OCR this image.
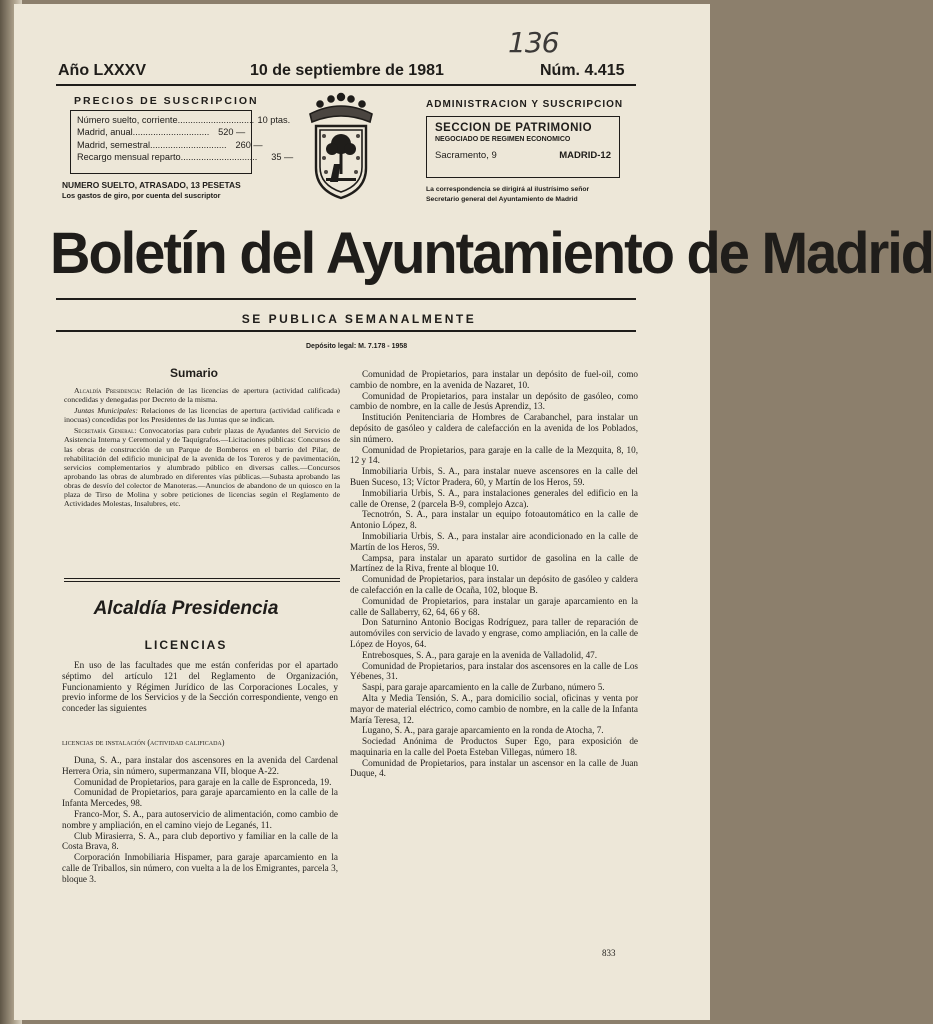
136
Año LXXXV	10 de septiembre de 1981	Núm. 4.415
PRECIOS DE SUSCRIPCION
Número suelto, corriente .............................. 10 ptas.
Madrid, anual .............................. 520 —
Madrid, semestral .............................. 260 —
Recargo mensual reparto ..............................	35 —
NUMERO SUELTO, ATRASADO, 13 PESETAS
Los gastos de giro, por cuenta del suscriptor
ADMINISTRACION Y SUSCRIPCION
SECCION DE PATRIMONIO
NEGOCIADO DE REGIMEN ECONOMICO
Sacramento, 9	MADRID-12
La correspondencia se dirigirá al ilustrísimo señor
Secretario general del Ayuntamiento de Madrid
Boletín del Ayuntamiento de Madrid
SE PUBLICA SEMANALMENTE
Depósito legal: M. 7.178 - 1958
Sumario

Alcaldía Presidencia: Relación de las licencias de apertura (actividad calificada) concedidas y denegadas por Decreto de la misma.

Juntas Municipales: Relaciones de las licencias de apertura (actividad calificada e inocuas) concedidas por los Presidentes de las Juntas que se indican.

Secretaría General: Convocatorias para cubrir plazas de Ayudantes del Servicio de Asistencia Interna y Ceremonial y de Taquígrafos.—Licitaciones públicas: Concursos de las obras de construcción de un Parque de Bomberos en el barrio del Pilar, de rehabilitación del edificio municipal de la avenida de los Toreros y de pavimentación, servicios complementarios y alumbrado público en diversas calles.—Concursos aprobando las obras de alumbrado en diferentes vías públicas.—Subasta aprobando las obras de desvío del colector de Manoteras.—Anuncios de abandono de un quiosco en la plaza de Tirso de Molina y sobre peticiones de licencias según el Reglamento de Actividades Molestas, Insalubres, etc.

Alcaldía Presidencia
LICENCIAS

En uso de las facultades que me están conferidas por el apartado séptimo del artículo 121 del Reglamento de Organización, Funcionamiento y Régimen Jurídico de las Corporaciones Locales, y previo informe de los Servicios y de la Sección correspondiente, vengo en conceder las siguientes

licencias de instalación (actividad calificada)

Duna, S. A., para instalar dos ascensores en la avenida del Cardenal Herrera Oria, sin número, supermanzana VII, bloque A-22.

Comunidad de Propietarios, para garaje en la calle de Espronceda, 19.

Comunidad de Propietarios, para garaje aparcamiento en la calle de la Infanta Mercedes, 98.

Franco-Mor, S. A., para autoservicio de alimentación, como cambio de nombre y ampliación, en el camino viejo de Leganés, 11.

Club Mirasierra, S. A., para club deportivo y familiar en la calle de la Costa Brava, 8.

Corporación Inmobiliaria Hispamer, para garaje aparcamiento en la calle de Triballos, sin número, con vuelta a la de los Emigrantes, parcela 3, bloque 3.

Comunidad de Propietarios, para instalar un depósito de fuel-oil, como cambio de nombre, en la avenida de Nazaret, 10.

Comunidad de Propietarios, para instalar un depósito de gasóleo, como cambio de nombre, en la calle de Jesús Aprendiz, 13.

Institución Penitenciaria de Hombres de Carabanchel, para instalar un depósito de gasóleo y caldera de calefacción en la avenida de los Poblados, sin número.

Comunidad de Propietarios, para garaje en la calle de la Mezquita, 8, 10, 12 y 14.

Inmobiliaria Urbis, S. A., para instalar nueve ascensores en la calle del Buen Suceso, 13; Víctor Pradera, 60, y Martín de los Heros, 59.

Inmobiliaria Urbis, S. A., para instalaciones generales del edificio en la calle de Orense, 2 (parcela B-9, complejo Azca).

Tecnotrón, S. A., para instalar un equipo fotoautomático en la calle de Antonio López, 8.

Inmobiliaria Urbis, S. A., para instalar aire acondicionado en la calle de Martín de los Heros, 59.

Campsa, para instalar un aparato surtidor de gasolina en la calle de Martínez de la Riva, frente al bloque 10.

Comunidad de Propietarios, para instalar un depósito de gasóleo y caldera de calefacción en la calle de Ocaña, 102, bloque B.

Comunidad de Propietarios, para instalar un garaje aparcamiento en la calle de Sallaberry, 62, 64, 66 y 68.

Don Saturnino Antonio Bocigas Rodríguez, para taller de reparación de automóviles con servicio de lavado y engrase, como ampliación, en la calle de López de Hoyos, 64.

Entrebosques, S. A., para garaje en la avenida de Valladolid, 47.

Comunidad de Propietarios, para instalar dos ascensores en la calle de Los Yébenes, 31.

Saspi, para garaje aparcamiento en la calle de Zurbano, número 5.

Alta y Media Tensión, S. A., para domicilio social, oficinas y venta por mayor de material eléctrico, como cambio de nombre, en la calle de la Infanta María Teresa, 12.

Lugano, S. A., para garaje aparcamiento en la ronda de Atocha, 7.

Sociedad Anónima de Productos Super Ego, para exposición de maquinaria en la calle del Poeta Esteban Villegas, número 18.

Comunidad de Propietarios, para instalar un ascensor en la calle de Juan Duque, 4.

833
